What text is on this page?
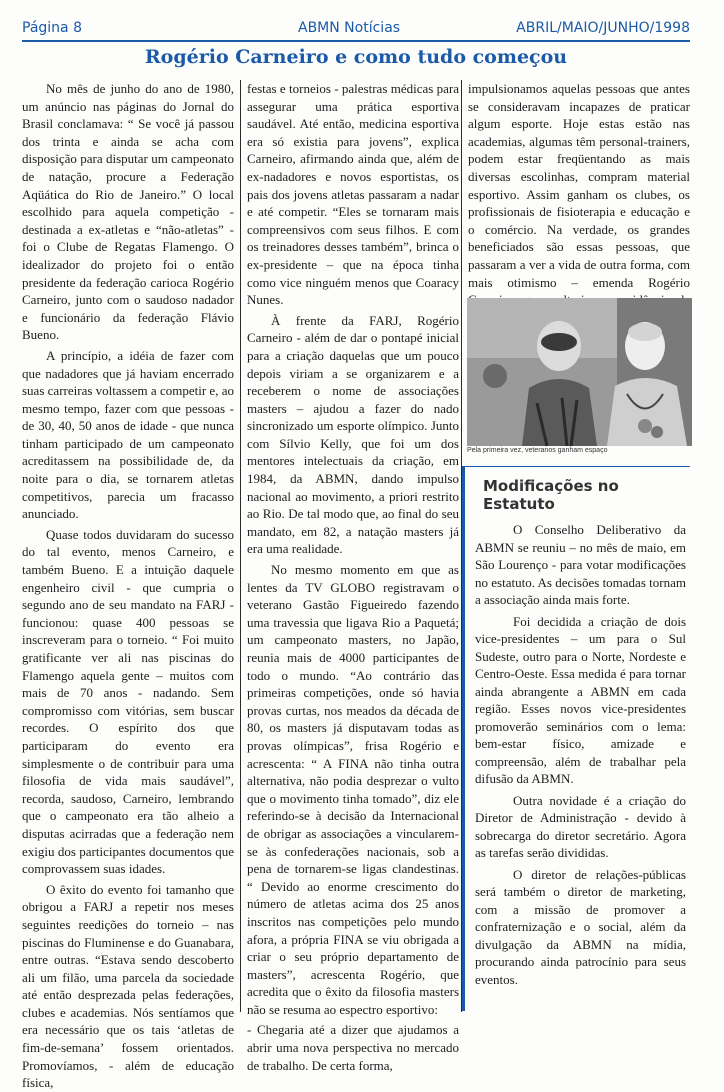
Página 8	ABMN Notícias	ABRIL/MAIO/JUNHO/1998
Rogério Carneiro e como tudo começou

No mês de junho do ano de 1980, um anúncio nas páginas do Jornal do Brasil conclamava: “ Se você já passou dos trinta e ainda se acha com disposição para disputar um campeonato de natação, procure a Federação Aqüática do Rio de Janeiro.” O local escolhido para aquela competição - destinada a ex-atletas e “não-atletas” - foi o Clube de Regatas Flamengo. O idealizador do projeto foi o então presidente da federação carioca Rogério Carneiro, junto com o saudoso nadador e funcionário da federação Flávio Bueno.

A princípio, a idéia de fazer com que nadadores que já haviam encerrado suas carreiras voltassem a competir e, ao mesmo tempo, fazer com que pessoas - de 30, 40, 50 anos de idade - que nunca tinham participado de um campeonato acreditassem na possibilidade de, da noite para o dia, se tornarem atletas competitivos, parecia um fracasso anunciado.

Quase todos duvidaram do sucesso do tal evento, menos Carneiro, e também Bueno. E a intuição daquele engenheiro civil - que cumpria o segundo ano de seu mandato na FARJ - funcionou: quase 400 pessoas se inscreveram para o torneio. “ Foi muito gratificante ver ali nas piscinas do Flamengo aquela gente – muitos com mais de 70 anos - nadando. Sem compromisso com vitórias, sem buscar recordes. O espírito dos que participaram do evento era simplesmente o de contribuir para uma filosofia de vida mais saudável”, recorda, saudoso, Carneiro, lembrando que o campeonato era tão alheio a disputas acirradas que a federação nem exigiu dos participantes documentos que comprovassem suas idades.

O êxito do evento foi tamanho que obrigou a FARJ a repetir nos meses seguintes reedições do torneio – nas piscinas do Fluminense e do Guanabara, entre outras. “Estava sendo descoberto ali um filão, uma parcela da sociedade até então desprezada pelas federações, clubes e academias. Nós sentíamos que era necessário que os tais ‘atletas de fim-de-semana’ fossem orientados. Promovíamos, - além de educação física,

festas e torneios - palestras médicas para assegurar uma prática esportiva saudável. Até então, medicina esportiva era só existia para jovens”, explica Carneiro, afirmando ainda que, além de ex-nadadores e novos esportistas, os pais dos jovens atletas passaram a nadar e até competir. “Eles se tornaram mais compreensivos com seus filhos. E com os treinadores desses também”, brinca o ex-presidente – que na época tinha como vice ninguém menos que Coaracy Nunes.

À frente da FARJ, Rogério Carneiro - além de dar o pontapé inicial para a criação daquelas que um pouco depois viriam a se organizarem e a receberem o nome de associações masters – ajudou a fazer do nado sincronizado um esporte olímpico. Junto com Sílvio Kelly, que foi um dos mentores intelectuais da criação, em 1984, da ABMN, dando impulso nacional ao movimento, a priori restrito ao Rio. De tal modo que, ao final do seu mandato, em 82, a natação masters já era uma realidade.

No mesmo momento em que as lentes da TV GLOBO registravam o veterano Gastão Figueiredo fazendo uma travessia que ligava Rio a Paquetá; um campeonato masters, no Japão, reunia mais de 4000 participantes de todo o mundo. “Ao contrário das primeiras competições, onde só havia provas curtas, nos meados da década de 80, os masters já disputavam todas as provas olímpicas”, frisa Rogério e acrescenta: “ A FINA não tinha outra alternativa, não podia desprezar o vulto que o movimento tinha tomado”, diz ele referindo-se à decisão da Internacional de obrigar as associações a vincularem-se às confederações nacionais, sob a pena de tornarem-se ligas clandestinas. “ Devido ao enorme crescimento do número de atletas acima dos 25 anos inscritos nas competições pelo mundo afora, a própria FINA se viu obrigada a criar o seu próprio departamento de masters”, acrescenta Rogério, que acredita que o êxito da filosofia masters não se resuma ao espectro esportivo:

- Chegaria até a dizer que ajudamos a abrir uma nova perspectiva no mercado de trabalho. De certa forma,

impulsionamos aquelas pessoas que antes se consideravam incapazes de praticar algum esporte. Hoje estas estão nas academias, algumas têm personal-trainers, podem estar freqüentando as mais diversas escolinhas, compram material esportivo. Assim ganham os clubes, os profissionais de fisioterapia e educação e o comércio. Na verdade, os grandes beneficiados são essas pessoas, que passaram a ver a vida de outra forma, com mais otimismo – emenda Rogério

Pela primeira vez, veteranos ganham espaço
Modificações no Estatuto

O Conselho Deliberativo da ABMN se reuniu – no mês de maio, em São Lourenço - para votar modificações no estatuto. As decisões tomadas tornam a associação ainda mais forte.

Foi decidida a criação de dois vice-presidentes – um para o Sul Sudeste, outro para o Norte, Nordeste e Centro-Oeste. Essa medida é para tornar ainda abrangente a ABMN em cada região. Esses novos vice-presidentes promoverão seminários com o lema: bem-estar físico, amizade e compreensão, além de trabalhar pela difusão da ABMN.

Outra novidade é a criação do Diretor de Administração - devido à sobrecarga do diretor secretário. Agora as tarefas serão divididas.

O diretor de relações-públicas será também o diretor de marketing, com a missão de promover a confraternização e o social, além da divulgação da ABMN na mídia, procurando ainda patrocínio para seus eventos.
